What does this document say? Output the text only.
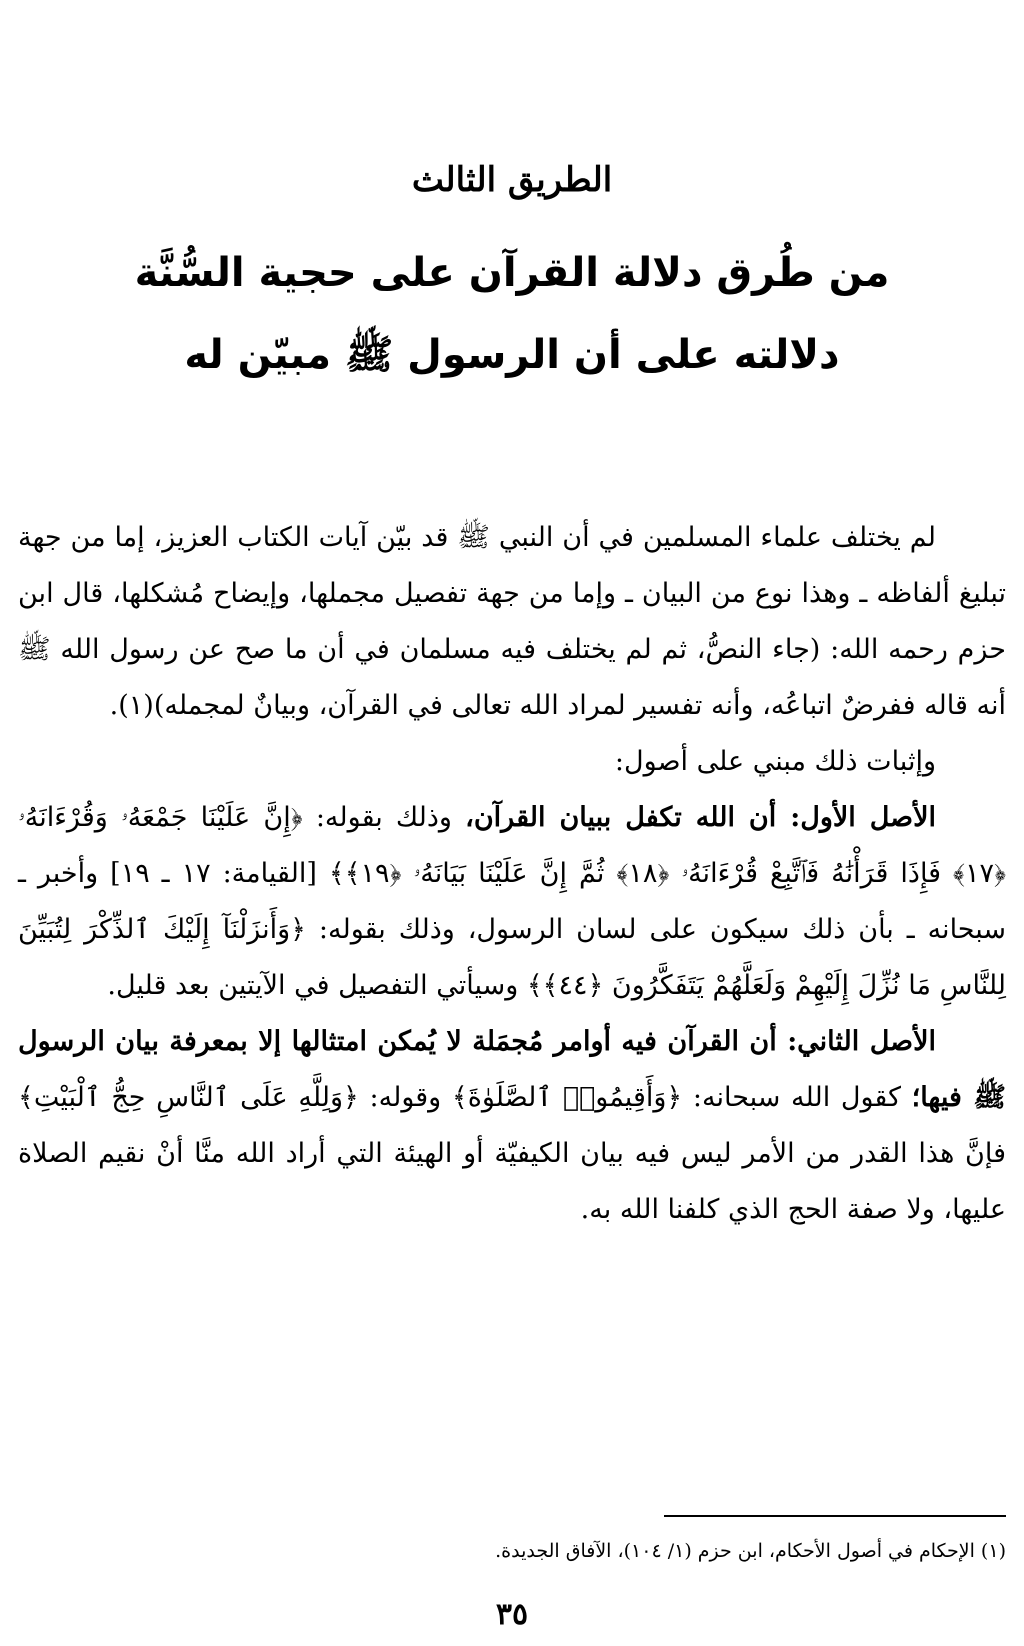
الطريق الثالث
من طُرق دلالة القرآن على حجية السُّنَّة
دلالته على أن الرسول ﷺ مبيّن له

لم يختلف علماء المسلمين في أن النبي ﷺ قد بيّن آيات الكتاب العزيز، إما من جهة تبليغ ألفاظه ـ وهذا نوع من البيان ـ وإما من جهة تفصيل مجملها، وإيضاح مُشكلها، قال ابن حزم رحمه الله: (جاء النصُّ، ثم لم يختلف فيه مسلمان في أن ما صح عن رسول الله ﷺ أنه قاله ففرضٌ اتباعُه، وأنه تفسير لمراد الله تعالى في القرآن، وبيانٌ لمجمله)(١).

وإثبات ذلك مبني على أصول:

الأصل الأول: أن الله تكفل ببيان القرآن، وذلك بقوله: ﴿إِنَّ عَلَيْنَا جَمْعَهُۥ وَقُرْءَانَهُۥ ﴿١٧﴾ فَإِذَا قَرَأْنَٰهُ فَٱتَّبِعْ قُرْءَانَهُۥ ﴿١٨﴾ ثُمَّ إِنَّ عَلَيْنَا بَيَانَهُۥ ﴿١٩﴾﴾ [القيامة: ١٧ ـ ١٩] وأخبر ـ سبحانه ـ بأن ذلك سيكون على لسان الرسول، وذلك بقوله: ﴿وَأَنزَلْنَآ إِلَيْكَ ٱلذِّكْرَ لِتُبَيِّنَ لِلنَّاسِ مَا نُزِّلَ إِلَيْهِمْ وَلَعَلَّهُمْ يَتَفَكَّرُونَ ﴿٤٤﴾﴾ وسيأتي التفصيل في الآيتين بعد قليل.

الأصل الثاني: أن القرآن فيه أوامر مُجمَلة لا يُمكن امتثالها إلا بمعرفة بيان الرسول ﷺ فيها؛ كقول الله سبحانه: ﴿وَأَقِيمُوا۟ ٱلصَّلَوٰةَ﴾ وقوله: ﴿وَلِلَّهِ عَلَى ٱلنَّاسِ حِجُّ ٱلْبَيْتِ﴾ فإنَّ هذا القدر من الأمر ليس فيه بيان الكيفيّة أو الهيئة التي أراد الله منَّا أنْ نقيم الصلاة عليها، ولا صفة الحج الذي كلفنا الله به.

(١) الإحكام في أصول الأحكام، ابن حزم (١/ ١٠٤)، الآفاق الجديدة.
٣٥
